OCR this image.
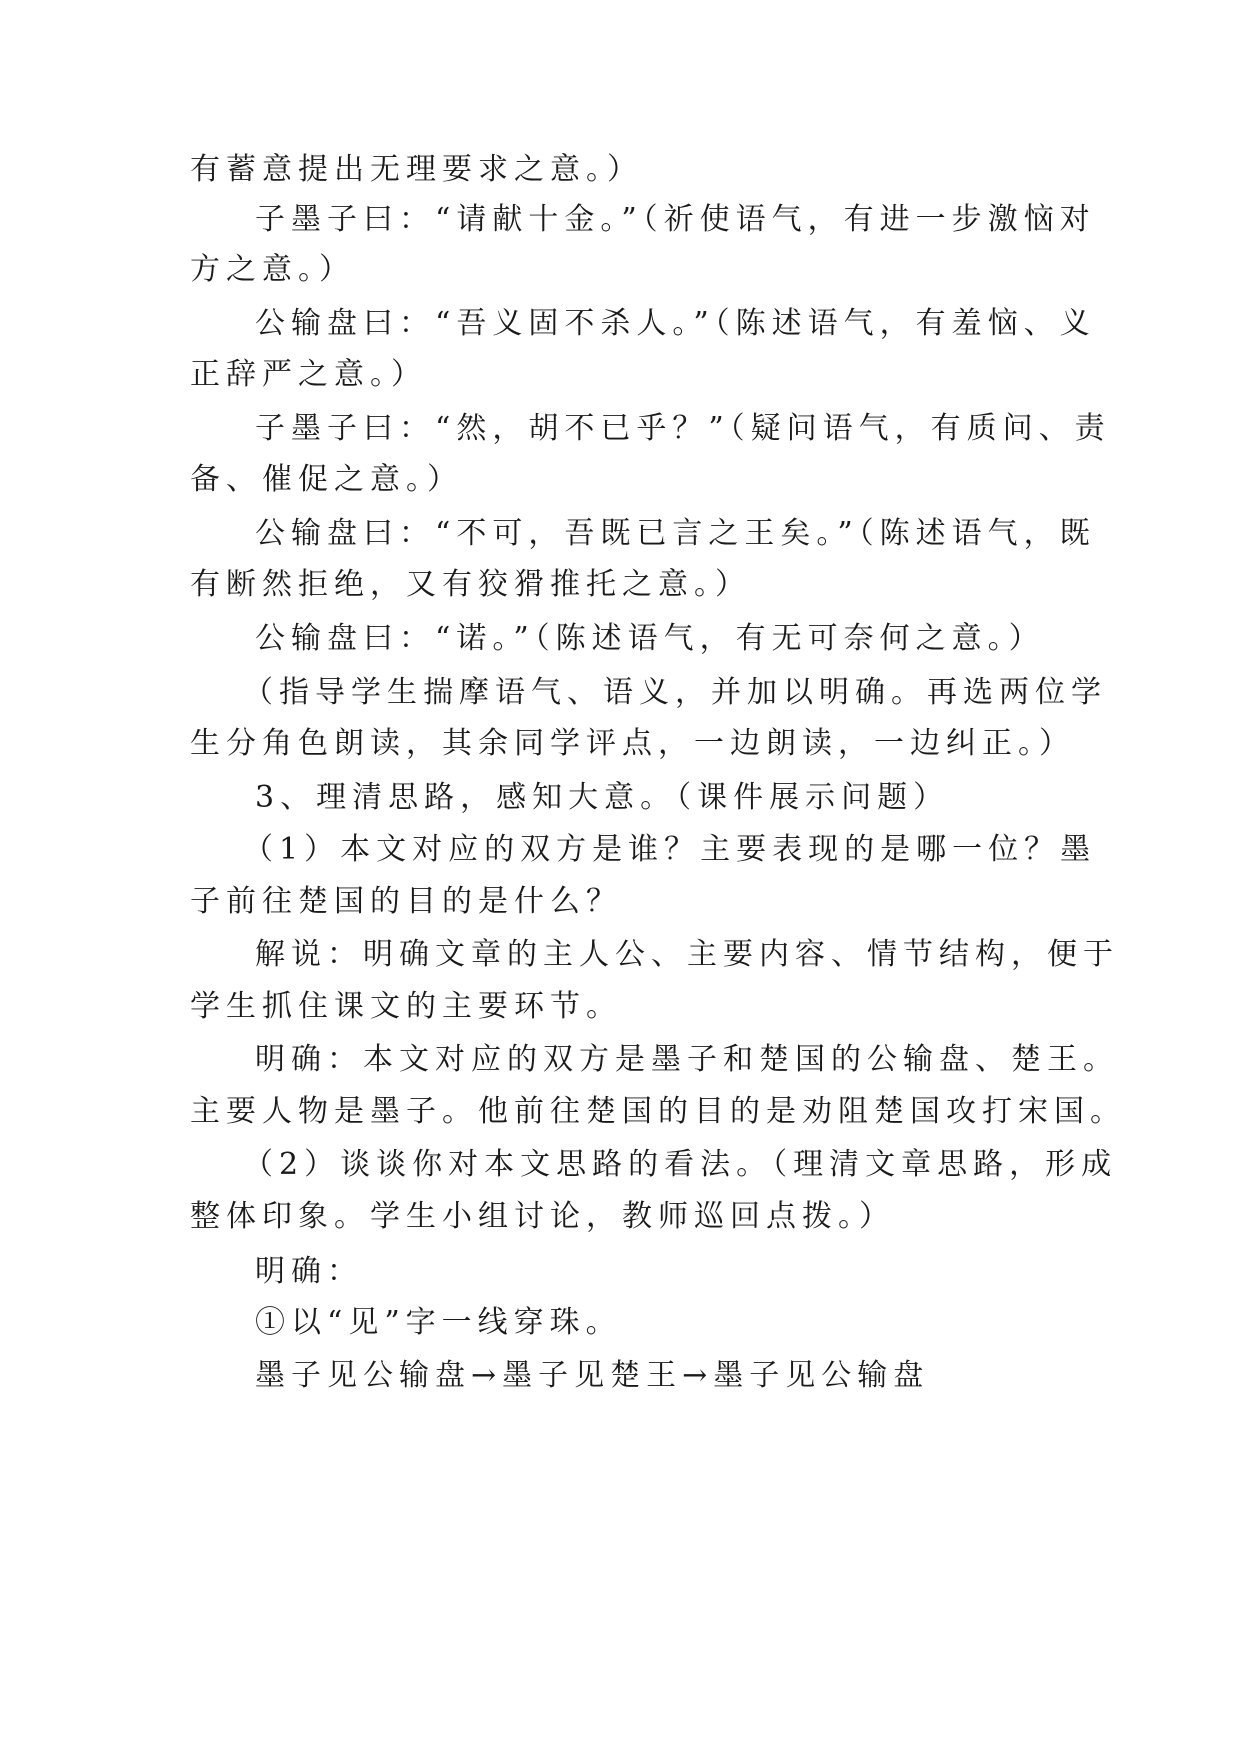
有蓄意提出无理要求之意。）
子墨子曰：“请献十金。”（祈使语气，有进一步激恼对
方之意。）
公输盘曰：“吾义固不杀人。”（陈述语气，有羞恼、义
正辞严之意。）
子墨子曰：“然，胡不已乎？”（疑问语气，有质问、责
备、催促之意。）
公输盘曰：“不可，吾既已言之王矣。”（陈述语气，既
有断然拒绝，又有狡猾推托之意。）
公输盘曰：“诺。”（陈述语气，有无可奈何之意。）
（指导学生揣摩语气、语义，并加以明确。再选两位学
生分角色朗读，其余同学评点，一边朗读，一边纠正。）
3、理清思路，感知大意。（课件展示问题）
（1）本文对应的双方是谁？主要表现的是哪一位？墨
子前往楚国的目的是什么？
解说：明确文章的主人公、主要内容、情节结构，便于
学生抓住课文的主要环节。
明确：本文对应的双方是墨子和楚国的公输盘、楚王。
主要人物是墨子。他前往楚国的目的是劝阻楚国攻打宋国。
（2）谈谈你对本文思路的看法。（理清文章思路，形成
整体印象。学生小组讨论，教师巡回点拨。）
明确：
①以“见”字一线穿珠。
墨子见公输盘→墨子见楚王→墨子见公输盘
